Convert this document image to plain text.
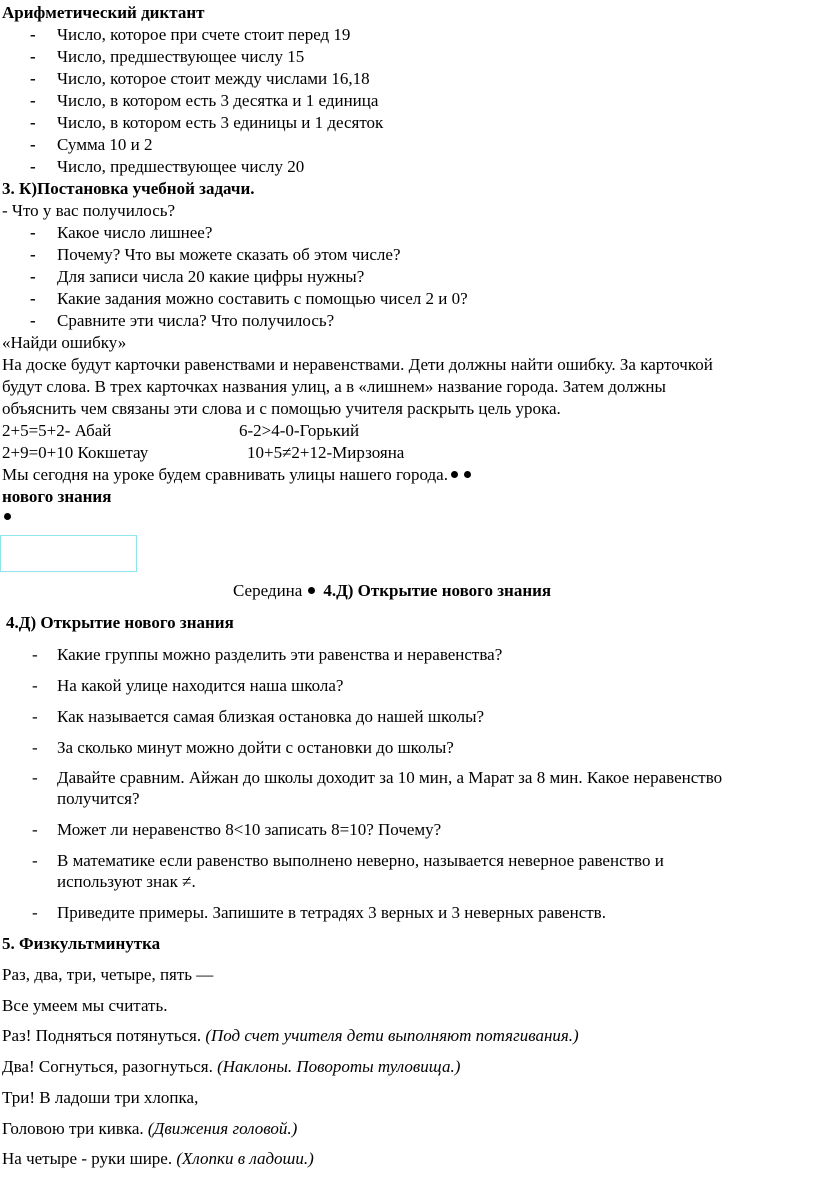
Арифметический диктант
- Число, которое при счете стоит перед 19
- Число, предшествующее числу 15
- Число, которое стоит между числами 16,18
- Число, в котором есть 3 десятка и 1 единица
- Число, в котором есть 3 единицы и 1 десяток
- Сумма 10 и 2
- Число, предшествующее числу 20
3. К)Постановка учебной задачи.
- Что у вас получилось?
- Какое число лишнее?
- Почему? Что вы можете сказать об этом числе?
- Для записи числа 20 какие цифры нужны?
- Какие задания можно составить с помощью чисел 2 и 0?
- Сравните эти числа? Что получилось?
«Найди ошибку»
На доске будут карточки равенствами и неравенствами. Дети должны найти ошибку. За карточкой
будут слова. В трех карточках названия улиц, а в «лишнем» название города. Затем должны
объяснить чем связаны эти слова и с помощью учителя раскрыть цель урока.
2+5=5+2- Абай	6-2>4-0-Горький
2+9=0+10 Кокшетау	10+5≠2+12-Мирзояна
Мы сегодня на уроке будем сравнивать улицы нашего города.
нового знания
Середина 4.Д) Открытие нового знания
4.Д) Открытие нового знания
- Какие группы можно разделить эти равенства и неравенства?
- На какой улице находится наша школа?
- Как называется самая близкая остановка до нашей школы?
- За сколько минут можно дойти с остановки до школы?
- Давайте сравним. Айжан до школы доходит за 10 мин, а Марат за 8 мин. Какое неравенство
получится?
- Может ли неравенство 8<10 записать 8=10? Почему?
- В математике если равенство выполнено неверно, называется неверное равенство и
используют знак ≠.
- Приведите примеры. Запишите в тетрадях 3 верных и 3 неверных равенств.
5. Физкультминутка
Раз, два, три, четыре, пять —
Все умеем мы считать.
Раз! Подняться потянуться. (Под счет учителя дети выполняют потягивания.)
Два! Согнуться, разогнуться. (Наклоны. Повороты туловища.)
Три! В ладоши три хлопка,
Головою три кивка. (Движения головой.)
На четыре - руки шире. (Хлопки в ладоши.)
